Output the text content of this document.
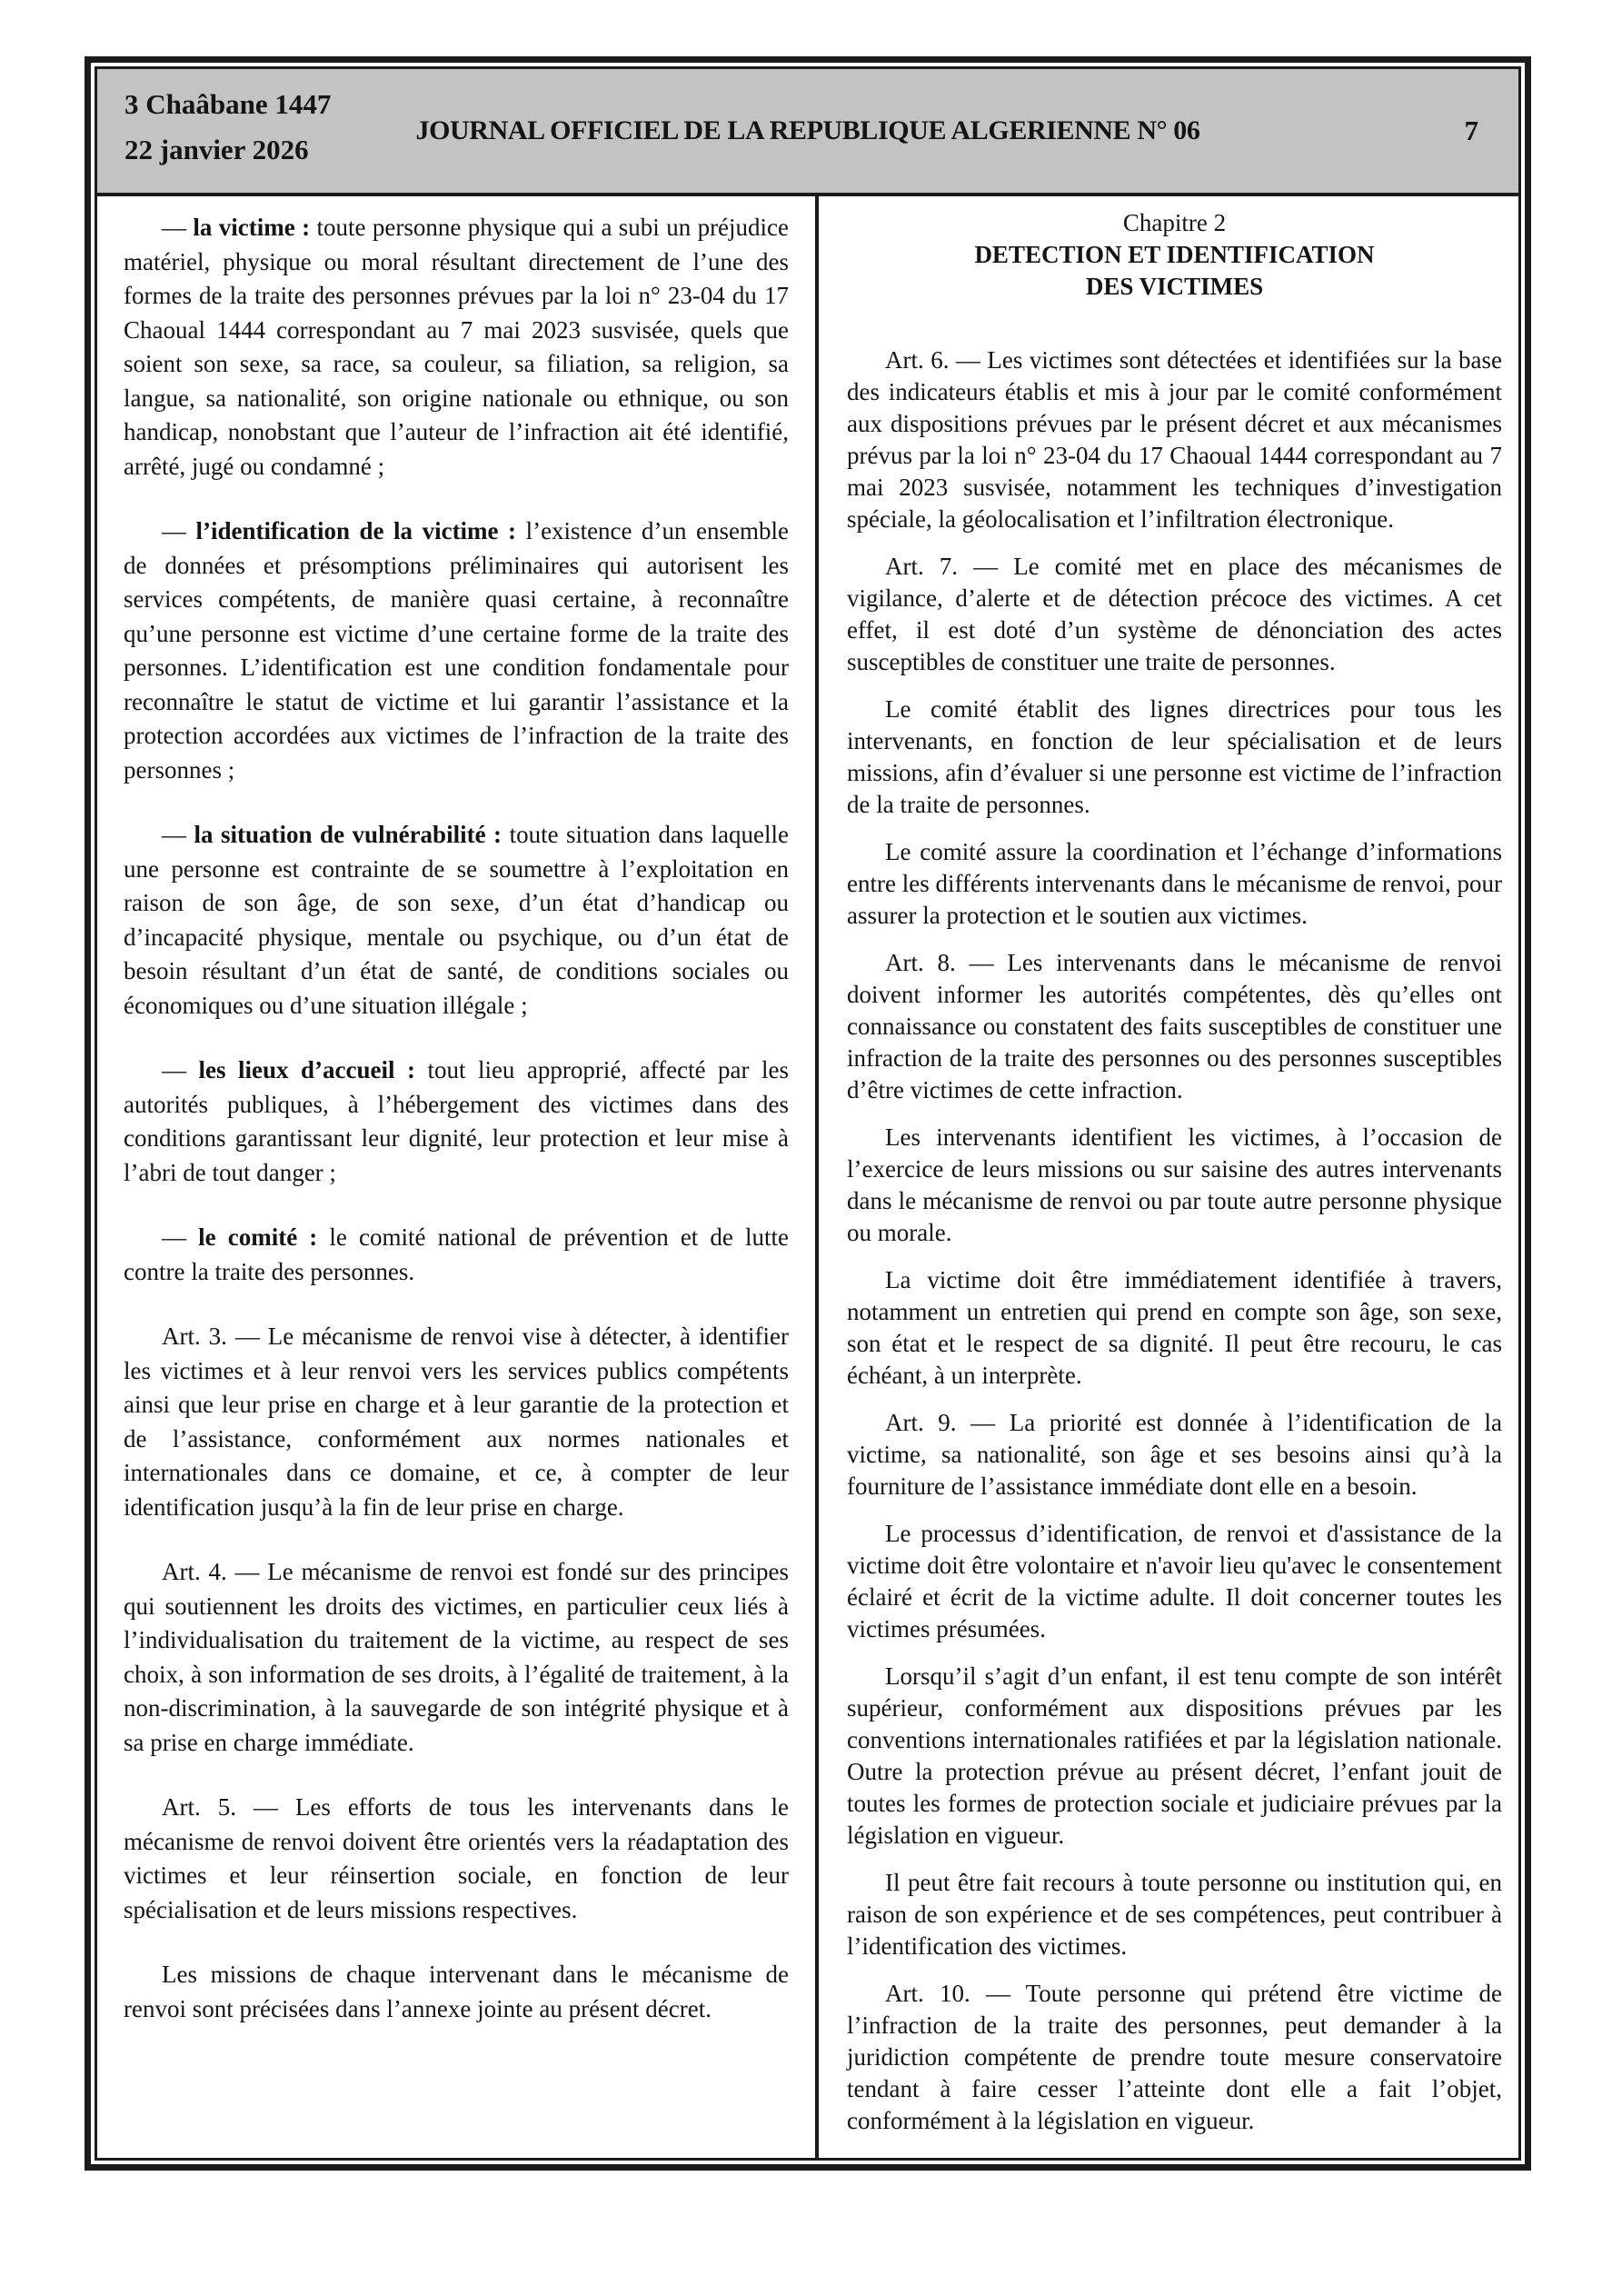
3 Chaâbane 1447
22 janvier 2026
JOURNAL OFFICIEL DE LA REPUBLIQUE ALGERIENNE N° 06	7

— la victime : toute personne physique qui a subi un préjudice matériel, physique ou moral résultant directement de l’une des formes de la traite des personnes prévues par la loi n° 23-04 du 17 Chaoual 1444 correspondant au 7 mai 2023 susvisée, quels que soient son sexe, sa race, sa couleur, sa filiation, sa religion, sa langue, sa nationalité, son origine nationale ou ethnique, ou son handicap, nonobstant que l’auteur de l’infraction ait été identifié, arrêté, jugé ou condamné ;

— l’identification de la victime : l’existence d’un ensemble de données et présomptions préliminaires qui autorisent les services compétents, de manière quasi certaine, à reconnaître qu’une personne est victime d’une certaine forme de la traite des personnes. L’identification est une condition fondamentale pour reconnaître le statut de victime et lui garantir l’assistance et la protection accordées aux victimes de l’infraction de la traite des personnes ;

— la situation de vulnérabilité : toute situation dans laquelle une personne est contrainte de se soumettre à l’exploitation en raison de son âge, de son sexe, d’un état d’handicap ou d’incapacité physique, mentale ou psychique, ou d’un état de besoin résultant d’un état de santé, de conditions sociales ou économiques ou d’une situation illégale ;

— les lieux d’accueil : tout lieu approprié, affecté par les autorités publiques, à l’hébergement des victimes dans des conditions garantissant leur dignité, leur protection et leur mise à l’abri de tout danger ;

— le comité : le comité national de prévention et de lutte contre la traite des personnes.

Art. 3. — Le mécanisme de renvoi vise à détecter, à identifier les victimes et à leur renvoi vers les services publics compétents ainsi que leur prise en charge et à leur garantie de la protection et de l’assistance, conformément aux normes nationales et internationales dans ce domaine, et ce, à compter de leur identification jusqu’à la fin de leur prise en charge.

Art. 4. — Le mécanisme de renvoi est fondé sur des principes qui soutiennent les droits des victimes, en particulier ceux liés à l’individualisation du traitement de la victime, au respect de ses choix, à son information de ses droits, à l’égalité de traitement, à la non-discrimination, à la sauvegarde de son intégrité physique et à sa prise en charge immédiate.

Art. 5. — Les efforts de tous les intervenants dans le mécanisme de renvoi doivent être orientés vers la réadaptation des victimes et leur réinsertion sociale, en fonction de leur spécialisation et de leurs missions respectives.

Les missions de chaque intervenant dans le mécanisme de renvoi sont précisées dans l’annexe jointe au présent décret.

Chapitre 2

DETECTION ET IDENTIFICATION

DES VICTIMES

Art. 6. — Les victimes sont détectées et identifiées sur la base des indicateurs établis et mis à jour par le comité conformément aux dispositions prévues par le présent décret et aux mécanismes prévus par la loi n° 23-04 du 17 Chaoual 1444 correspondant au 7 mai 2023 susvisée, notamment les techniques d’investigation spéciale, la géolocalisation et l’infiltration électronique.

Art. 7. — Le comité met en place des mécanismes de vigilance, d’alerte et de détection précoce des victimes. A cet effet, il est doté d’un système de dénonciation des actes susceptibles de constituer une traite de personnes.

Le comité établit des lignes directrices pour tous les intervenants, en fonction de leur spécialisation et de leurs missions, afin d’évaluer si une personne est victime de l’infraction de la traite de personnes.

Le comité assure la coordination et l’échange d’informations entre les différents intervenants dans le mécanisme de renvoi, pour assurer la protection et le soutien aux victimes.

Art. 8. — Les intervenants dans le mécanisme de renvoi doivent informer les autorités compétentes, dès qu’elles ont connaissance ou constatent des faits susceptibles de constituer une infraction de la traite des personnes ou des personnes susceptibles d’être victimes de cette infraction.

Les intervenants identifient les victimes, à l’occasion de l’exercice de leurs missions ou sur saisine des autres intervenants dans le mécanisme de renvoi ou par toute autre personne physique ou morale.

La victime doit être immédiatement identifiée à travers, notamment un entretien qui prend en compte son âge, son sexe, son état et le respect de sa dignité. Il peut être recouru, le cas échéant, à un interprète.

Art. 9. — La priorité est donnée à l’identification de la victime, sa nationalité, son âge et ses besoins ainsi qu’à la fourniture de l’assistance immédiate dont elle en a besoin.

Le processus d’identification, de renvoi et d'assistance de la victime doit être volontaire et n'avoir lieu qu'avec le consentement éclairé et écrit de la victime adulte. Il doit concerner toutes les victimes présumées.

Lorsqu’il s’agit d’un enfant, il est tenu compte de son intérêt supérieur, conformément aux dispositions prévues par les conventions internationales ratifiées et par la législation nationale. Outre la protection prévue au présent décret, l’enfant jouit de toutes les formes de protection sociale et judiciaire prévues par la législation en vigueur.

Il peut être fait recours à toute personne ou institution qui, en raison de son expérience et de ses compétences, peut contribuer à l’identification des victimes.

Art. 10. — Toute personne qui prétend être victime de l’infraction de la traite des personnes, peut demander à la juridiction compétente de prendre toute mesure conservatoire tendant à faire cesser l’atteinte dont elle a fait l’objet, conformément à la législation en vigueur.
